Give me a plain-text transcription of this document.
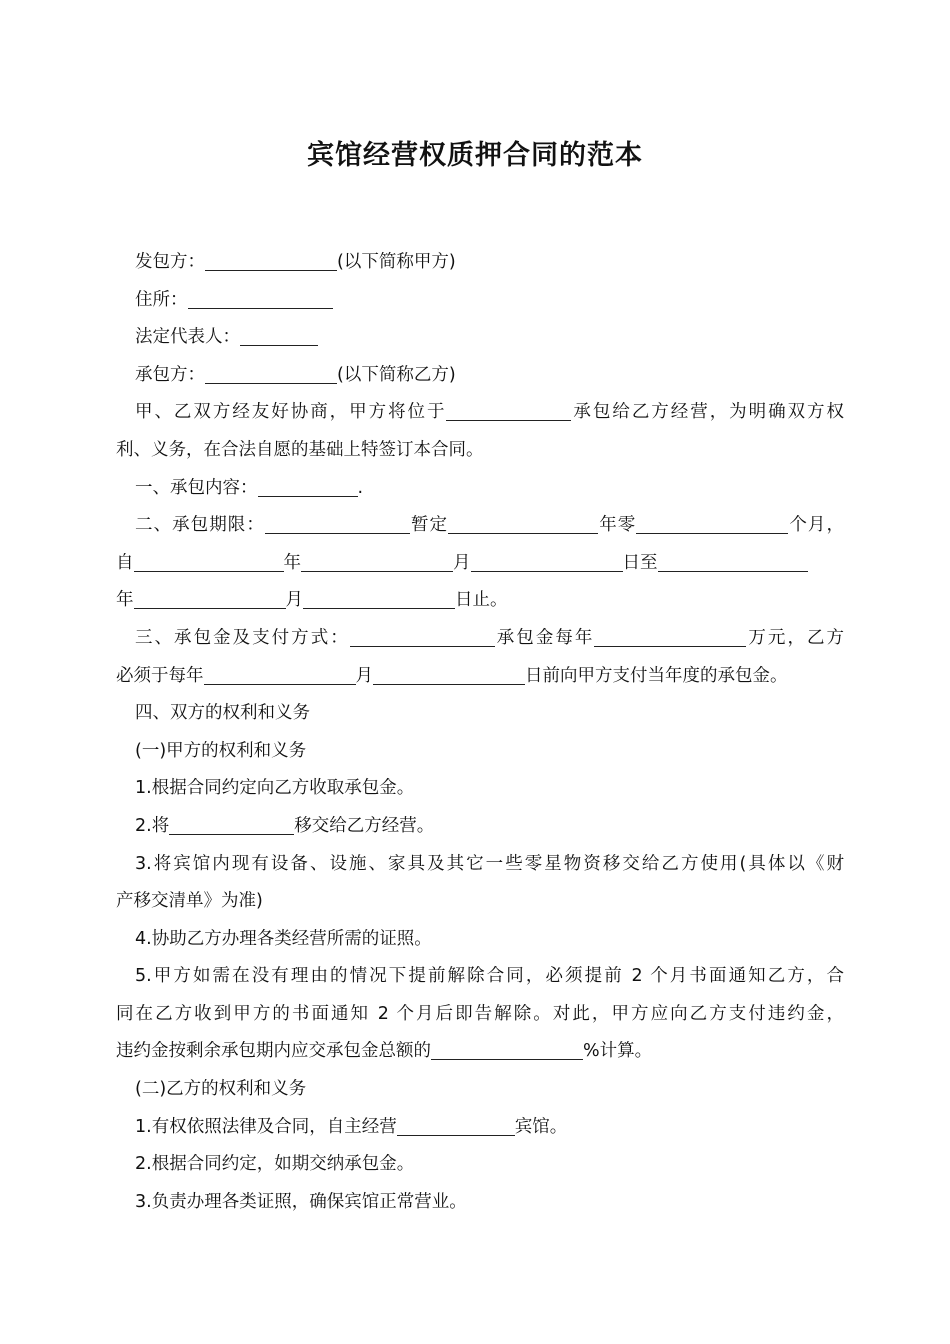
宾馆经营权质押合同的范本
发包方：	(以下简称甲方)
住所：
法定代表人：
承包方：	(以下简称乙方)
甲、乙双方经友好协商，甲方将位于	承包给乙方经营，为明确双方权
利、义务，在合法自愿的基础上特签订本合同。
一、承包内容：	.
二、承包期限：	暂定	年零	个月，
自	年	月	日至
年	月	日止。
三、承包金及支付方式：	承包金每年	万元，乙方
必须于每年	月	日前向甲方支付当年度的承包金。
四、双方的权利和义务
(一)甲方的权利和义务
1.根据合同约定向乙方收取承包金。
2.将	移交给乙方经营。
3.将宾馆内现有设备、设施、家具及其它一些零星物资移交给乙方使用(具体以《财
产移交清单》为准)
4.协助乙方办理各类经营所需的证照。
5.甲方如需在没有理由的情况下提前解除合同，必须提前 2 个月书面通知乙方，合
同在乙方收到甲方的书面通知 2 个月后即告解除。对此，甲方应向乙方支付违约金，
违约金按剩余承包期内应交承包金总额的	%计算。
(二)乙方的权利和义务
1.有权依照法律及合同，自主经营	宾馆。
2.根据合同约定，如期交纳承包金。
3.负责办理各类证照，确保宾馆正常营业。
